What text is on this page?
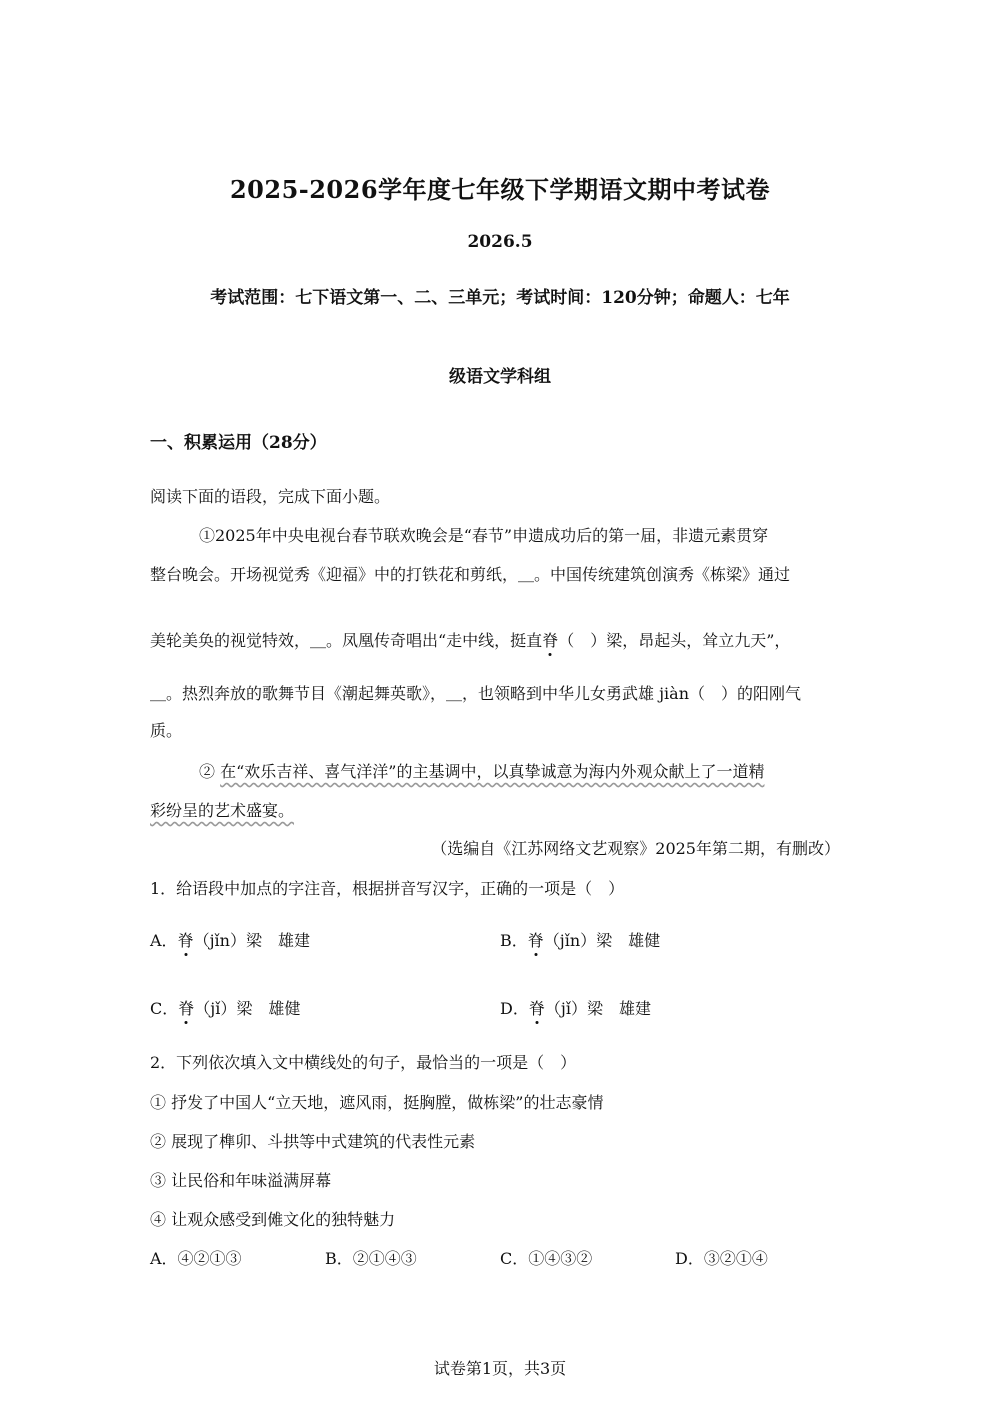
2025-2026学年度七年级下学期语文期中考试卷
2026.5
考试范围：七下语文第一、二、三单元；考试时间：120分钟；命题人：七年
级语文学科组
一、积累运用（28分）
阅读下面的语段，完成下面小题。
①2025年中央电视台春节联欢晚会是“春节”申遗成功后的第一届，非遗元素贯穿
整台晚会。开场视觉秀《迎福》中的打铁花和剪纸，＿。中国传统建筑创演秀《栋梁》通过
美轮美奂的视觉特效，＿。凤凰传奇唱出“走中线，挺直脊（　）梁，昂起头，耸立九天”，
＿。热烈奔放的歌舞节目《潮起舞英歌》，＿，也领略到中华儿女勇武雄 jiàn（　）的阳刚气
质。
② 在“欢乐吉祥、喜气洋洋”的主基调中，以真挚诚意为海内外观众献上了一道精
彩纷呈的艺术盛宴。
（选编自《江苏网络文艺观察》2025年第二期，有删改）
1．给语段中加点的字注音，根据拼音写汉字，正确的一项是（　）
A．脊（jǐn）梁　雄建	B．脊（jǐn）梁　雄健
C．脊（jǐ）梁　雄健	D．脊（jǐ）梁　雄建
2．下列依次填入文中横线处的句子，最恰当的一项是（　）
① 抒发了中国人“立天地，遮风雨，挺胸膛，做栋梁”的壮志豪情
② 展现了榫卯、斗拱等中式建筑的代表性元素
③ 让民俗和年味溢满屏幕
④ 让观众感受到傩文化的独特魅力
A．④②①③	B．②①④③	C．①④③②	D．③②①④
试卷第1页，共3页
